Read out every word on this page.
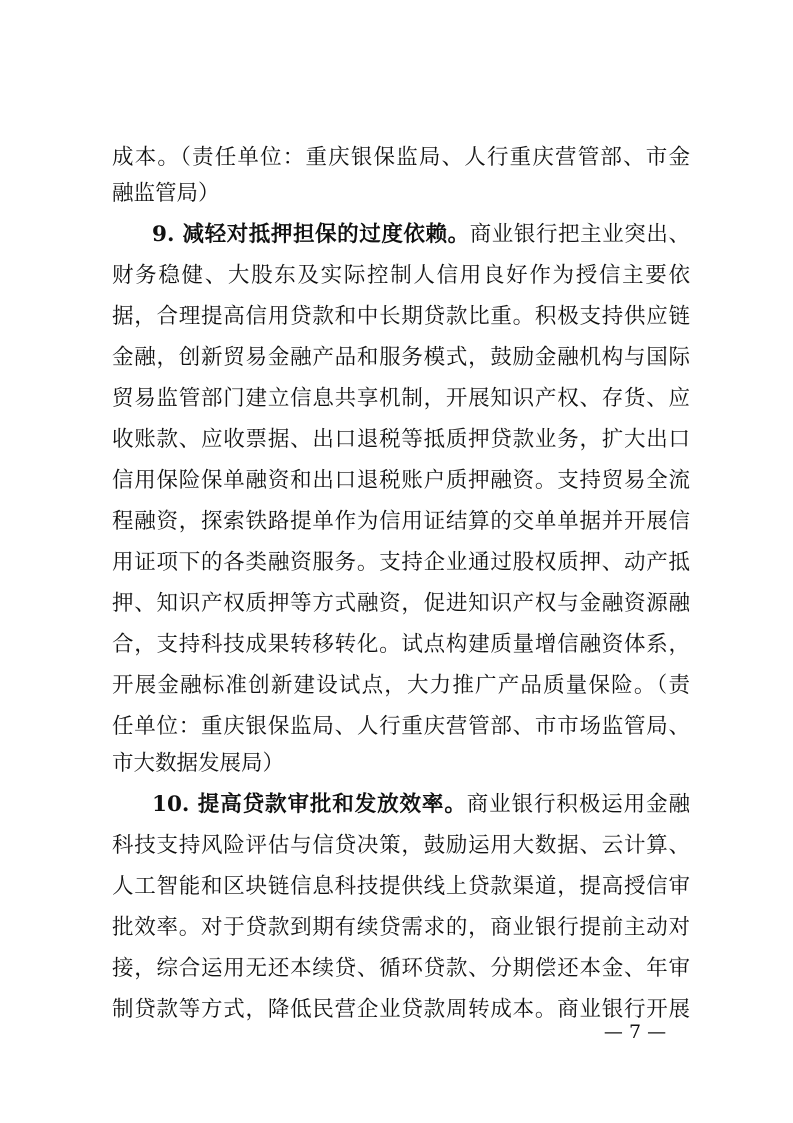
成本。（责任单位：重庆银保监局、人行重庆营管部、市金
融监管局）
9. 减轻对抵押担保的过度依赖。商业银行把主业突出、
财务稳健、大股东及实际控制人信用良好作为授信主要依
据，合理提高信用贷款和中长期贷款比重。积极支持供应链
金融，创新贸易金融产品和服务模式，鼓励金融机构与国际
贸易监管部门建立信息共享机制，开展知识产权、存货、应
收账款、应收票据、出口退税等抵质押贷款业务，扩大出口
信用保险保单融资和出口退税账户质押融资。支持贸易全流
程融资，探索铁路提单作为信用证结算的交单单据并开展信
用证项下的各类融资服务。支持企业通过股权质押、动产抵
押、知识产权质押等方式融资，促进知识产权与金融资源融
合，支持科技成果转移转化。试点构建质量增信融资体系，
开展金融标准创新建设试点，大力推广产品质量保险。（责
任单位：重庆银保监局、人行重庆营管部、市市场监管局、
市大数据发展局）
10. 提高贷款审批和发放效率。商业银行积极运用金融
科技支持风险评估与信贷决策，鼓励运用大数据、云计算、
人工智能和区块链信息科技提供线上贷款渠道，提高授信审
批效率。对于贷款到期有续贷需求的，商业银行提前主动对
接，综合运用无还本续贷、循环贷款、分期偿还本金、年审
制贷款等方式，降低民营企业贷款周转成本。商业银行开展
— 7 —
